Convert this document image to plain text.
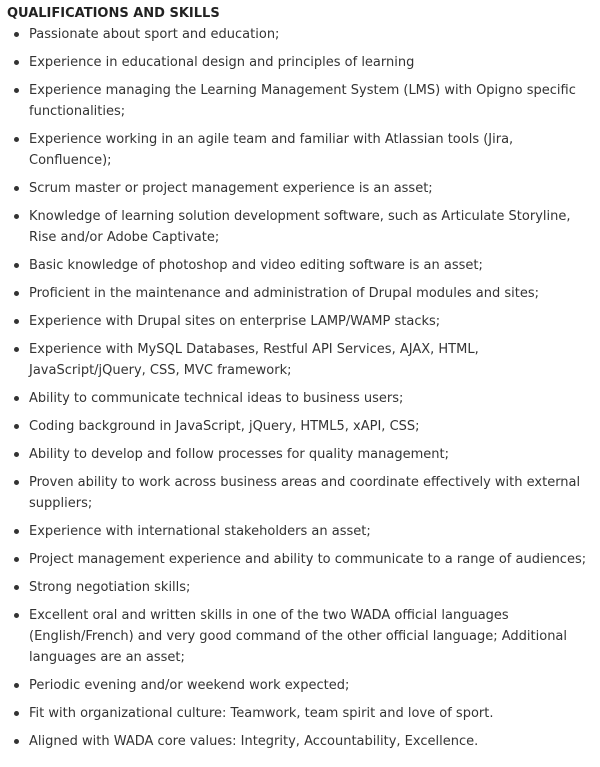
QUALIFICATIONS AND SKILLS
Passionate about sport and education;
Experience in educational design and principles of learning
Experience managing the Learning Management System (LMS) with Opigno specific functionalities;
Experience working in an agile team and familiar with Atlassian tools (Jira, Confluence);
Scrum master or project management experience is an asset;
Knowledge of learning solution development software, such as Articulate Storyline, Rise and/or Adobe Captivate;
Basic knowledge of photoshop and video editing software is an asset;
Proficient in the maintenance and administration of Drupal modules and sites;
Experience with Drupal sites on enterprise LAMP/WAMP stacks;
Experience with MySQL Databases, Restful API Services, AJAX, HTML, JavaScript/jQuery, CSS, MVC framework;
Ability to communicate technical ideas to business users;
Coding background in JavaScript, jQuery, HTML5, xAPI, CSS;
Ability to develop and follow processes for quality management;
Proven ability to work across business areas and coordinate effectively with external suppliers;
Experience with international stakeholders an asset;
Project management experience and ability to communicate to a range of audiences;
Strong negotiation skills;
Excellent oral and written skills in one of the two WADA official languages (English/French) and very good command of the other official language; Additional languages are an asset;
Periodic evening and/or weekend work expected;
Fit with organizational culture: Teamwork, team spirit and love of sport.
Aligned with WADA core values: Integrity, Accountability, Excellence.
